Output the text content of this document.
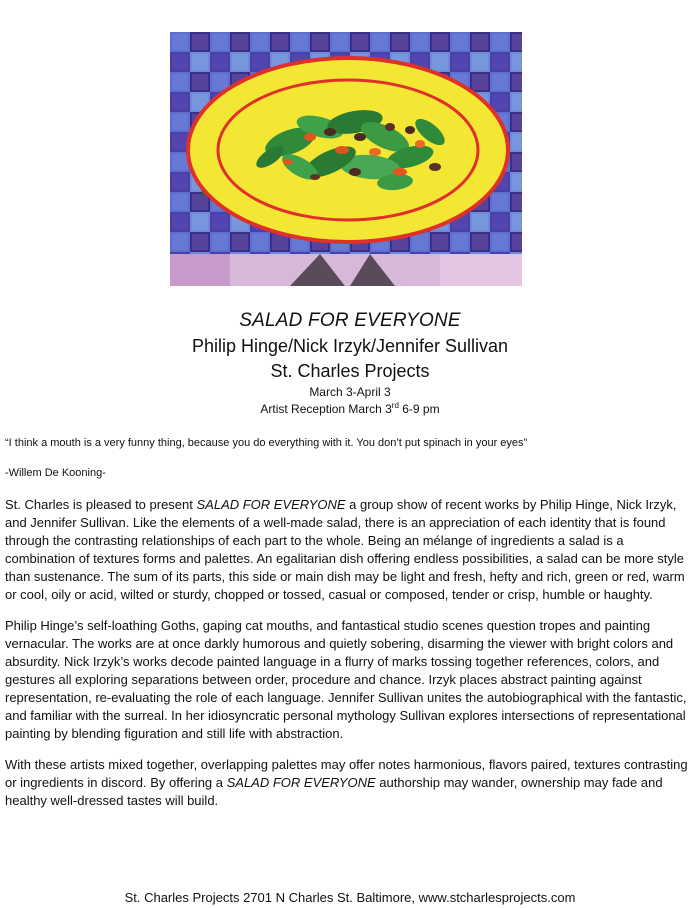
SALAD FOR EVERYONE
Philip Hinge/Nick Irzyk/Jennifer Sullivan
St. Charles Projects
March 3-April 3
Artist Reception March 3rd 6-9 pm
“I think a mouth is a very funny thing, because you do everything with it. You don’t put spinach in your eyes”
-Willem De Kooning-
St. Charles is pleased to present SALAD FOR EVERYONE a group show of recent works by Philip Hinge, Nick Irzyk, and Jennifer Sullivan. Like the elements of a well-made salad, there is an appreciation of each identity that is found through the contrasting relationships of each part to the whole. Being an mélange of ingredients a salad is a combination of textures forms and palettes. An egalitarian dish offering endless possibilities, a salad can be more style than sustenance. The sum of its parts, this side or main dish may be light and fresh, hefty and rich, green or red, warm or cool, oily or acid, wilted or sturdy, chopped or tossed, casual or composed, tender or crisp, humble or haughty.
Philip Hinge’s self-loathing Goths, gaping cat mouths, and fantastical studio scenes question tropes and painting vernacular. The works are at once darkly humorous and quietly sobering, disarming the viewer with bright colors and absurdity. Nick Irzyk’s works decode painted language in a flurry of marks tossing together references, colors, and gestures all exploring separations between order, procedure and chance. Irzyk places abstract painting against representation, re-evaluating the role of each language. Jennifer Sullivan unites the autobiographical with the fantastic, and familiar with the surreal. In her idiosyncratic personal mythology Sullivan explores intersections of representational painting by blending figuration and still life with abstraction.
With these artists mixed together, overlapping palettes may offer notes harmonious, flavors paired, textures contrasting or ingredients in discord. By offering a SALAD FOR EVERYONE authorship may wander, ownership may fade and healthy well-dressed tastes will build.
St. Charles Projects 2701 N Charles St. Baltimore, www.stcharlesprojects.com
